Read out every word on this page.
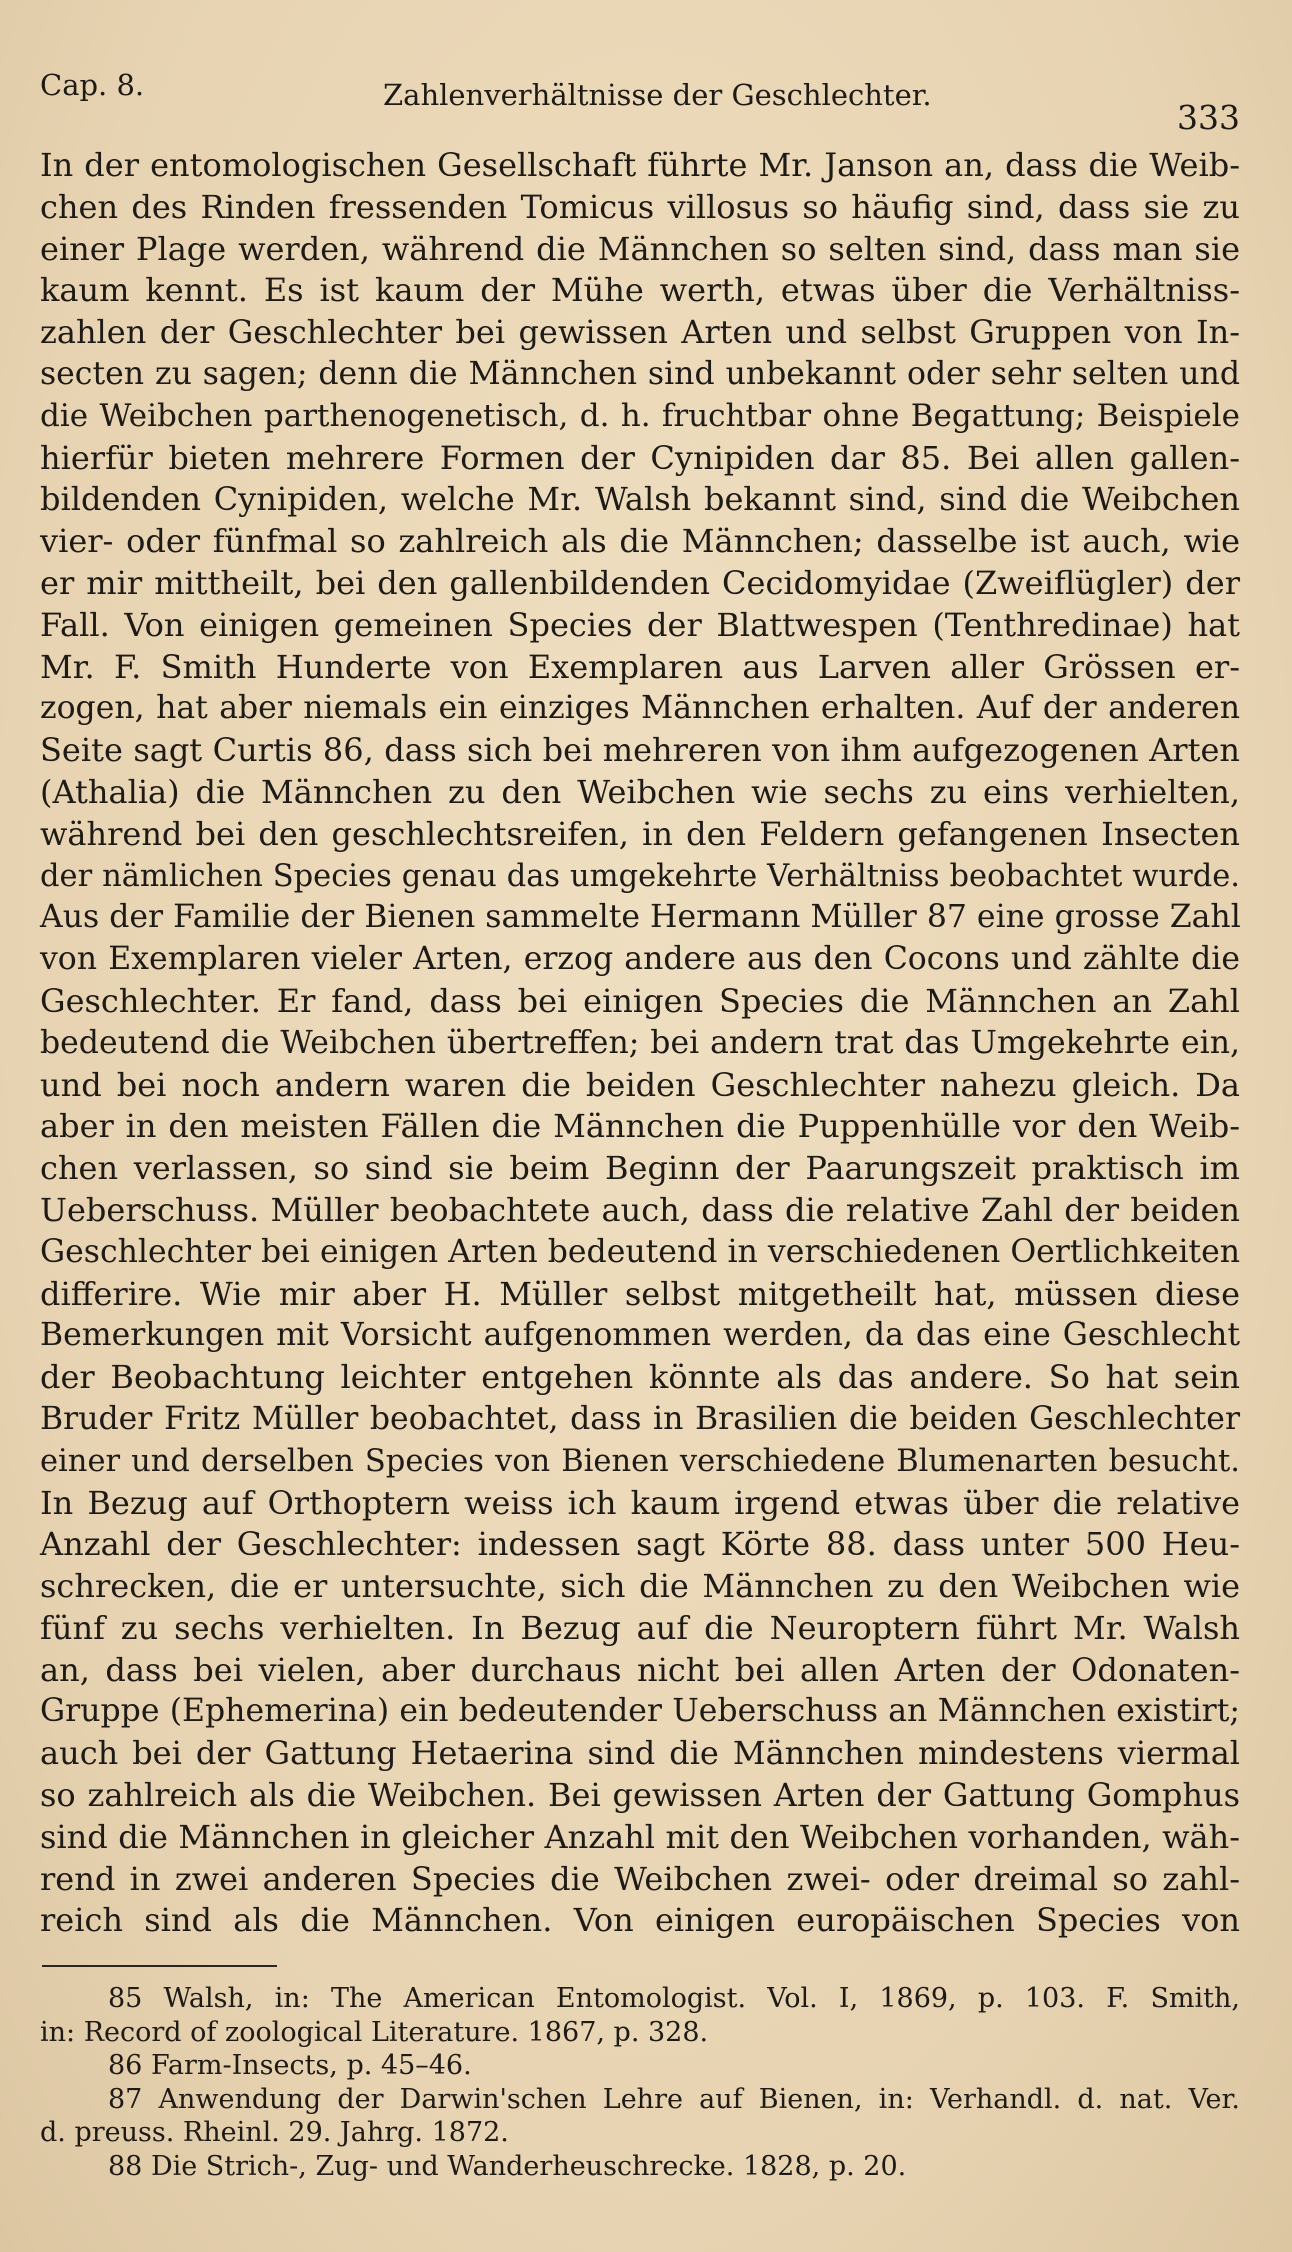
Cap. 8.	Zahlenverhältnisse der Geschlechter.
333
In der entomologischen Gesellschaft führte Mr. Janson an, dass die Weib-
chen des Rinden fressenden Tomicus villosus so häufig sind, dass sie zu
einer Plage werden, während die Männchen so selten sind, dass man sie
kaum kennt. Es ist kaum der Mühe werth, etwas über die Verhältniss-
zahlen der Geschlechter bei gewissen Arten und selbst Gruppen von In-
secten zu sagen; denn die Männchen sind unbekannt oder sehr selten und
die Weibchen parthenogenetisch, d. h. fruchtbar ohne Begattung; Beispiele
hierfür bieten mehrere Formen der Cynipiden dar 85. Bei allen gallen-
bildenden Cynipiden, welche Mr. Walsh bekannt sind, sind die Weibchen
vier- oder fünfmal so zahlreich als die Männchen; dasselbe ist auch, wie
er mir mittheilt, bei den gallenbildenden Cecidomyidae (Zweiflügler) der
Fall. Von einigen gemeinen Species der Blattwespen (Tenthredinae) hat
Mr. F. Smith Hunderte von Exemplaren aus Larven aller Grössen er-
zogen, hat aber niemals ein einziges Männchen erhalten. Auf der anderen
Seite sagt Curtis 86, dass sich bei mehreren von ihm aufgezogenen Arten
(Athalia) die Männchen zu den Weibchen wie sechs zu eins verhielten,
während bei den geschlechtsreifen, in den Feldern gefangenen Insecten
der nämlichen Species genau das umgekehrte Verhältniss beobachtet wurde.
Aus der Familie der Bienen sammelte Hermann Müller 87 eine grosse Zahl
von Exemplaren vieler Arten, erzog andere aus den Cocons und zählte die
Geschlechter. Er fand, dass bei einigen Species die Männchen an Zahl
bedeutend die Weibchen übertreffen; bei andern trat das Umgekehrte ein,
und bei noch andern waren die beiden Geschlechter nahezu gleich. Da
aber in den meisten Fällen die Männchen die Puppenhülle vor den Weib-
chen verlassen, so sind sie beim Beginn der Paarungszeit praktisch im
Ueberschuss. Müller beobachtete auch, dass die relative Zahl der beiden
Geschlechter bei einigen Arten bedeutend in verschiedenen Oertlichkeiten
differire. Wie mir aber H. Müller selbst mitgetheilt hat, müssen diese
Bemerkungen mit Vorsicht aufgenommen werden, da das eine Geschlecht
der Beobachtung leichter entgehen könnte als das andere. So hat sein
Bruder Fritz Müller beobachtet, dass in Brasilien die beiden Geschlechter
einer und derselben Species von Bienen verschiedene Blumenarten besucht.
In Bezug auf Orthoptern weiss ich kaum irgend etwas über die relative
Anzahl der Geschlechter: indessen sagt Körte 88. dass unter 500 Heu-
schrecken, die er untersuchte, sich die Männchen zu den Weibchen wie
fünf zu sechs verhielten. In Bezug auf die Neuroptern führt Mr. Walsh
an, dass bei vielen, aber durchaus nicht bei allen Arten der Odonaten-
Gruppe (Ephemerina) ein bedeutender Ueberschuss an Männchen existirt;
auch bei der Gattung Hetaerina sind die Männchen mindestens viermal
so zahlreich als die Weibchen. Bei gewissen Arten der Gattung Gomphus
sind die Männchen in gleicher Anzahl mit den Weibchen vorhanden, wäh-
rend in zwei anderen Species die Weibchen zwei- oder dreimal so zahl-
reich sind als die Männchen. Von einigen europäischen Species von
85 Walsh, in: The American Entomologist. Vol. I, 1869, p. 103. F. Smith,
in: Record of zoological Literature. 1867, p. 328.
86 Farm-Insects, p. 45–46.
87 Anwendung der Darwin'schen Lehre auf Bienen, in: Verhandl. d. nat. Ver.
d. preuss. Rheinl. 29. Jahrg. 1872.
88 Die Strich-, Zug- und Wanderheuschrecke. 1828, p. 20.
